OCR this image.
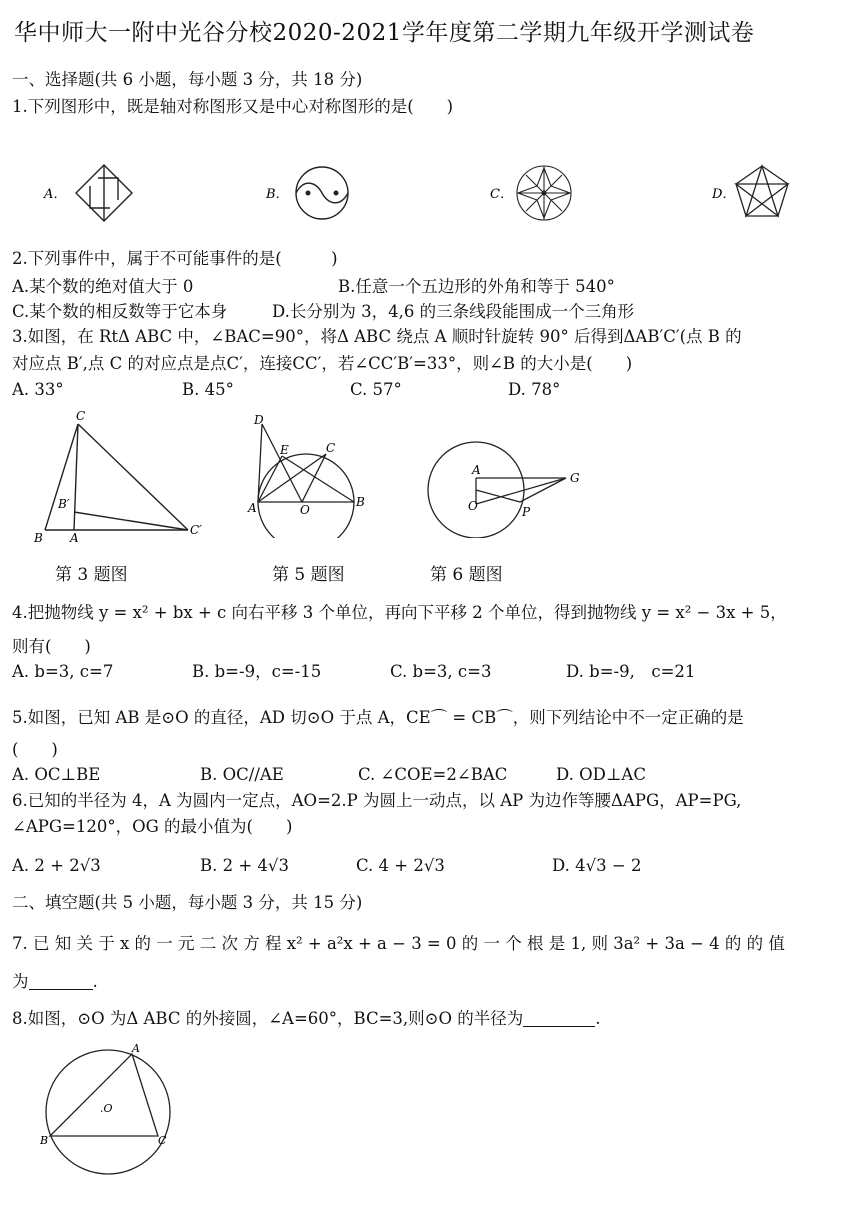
华中师大一附中光谷分校2020-2021学年度第二学期九年级开学测试卷
一、选择题(共 6 小题，每小题 3 分，共 18 分)
1.下列图形中，既是轴对称图形又是中心对称图形的是(　　)
A．	B．	C．	D．
2.下列事件中，属于不可能事件的是(　　　)
A.某个数的绝对值大于 0	B.任意一个五边形的外角和等于 540°
C.某个数的相反数等于它本身	D.长分别为 3，4,6 的三条线段能围成一个三角形
3.如图，在 RtΔ ABC 中，∠BAC=90°，将Δ ABC 绕点 A 顺时针旋转 90° 后得到ΔAB′C′(点 B 的
对应点 B′,点 C 的对应点是点C′，连接CC′，若∠CC′B′=33°，则∠B 的大小是(　　)
A. 33°	B. 45°	C. 57°	D. 78°
C
B′
B A
C′
D
E	C
A	O
B
A
G
O	P
第 3 题图	第 5 题图	第 6 题图
4.把抛物线 y = x² + bx + c 向右平移 3 个单位，再向下平移 2 个单位，得到抛物线 y = x² − 3x + 5，
则有(　　)
A. b=3, c=7	B. b=-9，c=-15	C. b=3, c=3	D. b=-9,　c=21
5.如图，已知 AB 是⊙O 的直径，AD 切⊙O 于点 A，CE⌒ = CB⌒，则下列结论中不一定正确的是
(　　)
A. OC⊥BE	B. OC//AE	C. ∠COE=2∠BAC	D. OD⊥AC
6.已知的半径为 4，A 为圆内一定点，AO=2.P 为圆上一动点，以 AP 为边作等腰ΔAPG，AP=PG,
∠APG=120°，OG 的最小值为(　　)
A. 2 + 2√3	B. 2 + 4√3	C. 4 + 2√3	D. 4√3 − 2
二、填空题(共 5 小题，每小题 3 分，共 15 分)
7. 已 知 关 于 x 的 一 元 二 次 方 程 x² + a²x + a − 3 = 0 的 一 个 根 是 1, 则 3a² + 3a − 4 的 的 值
为	.
8.如图，⊙O 为Δ ABC 的外接圆，∠A=60°，BC=3,则⊙O 的半径为	.
A
.O
B	C
